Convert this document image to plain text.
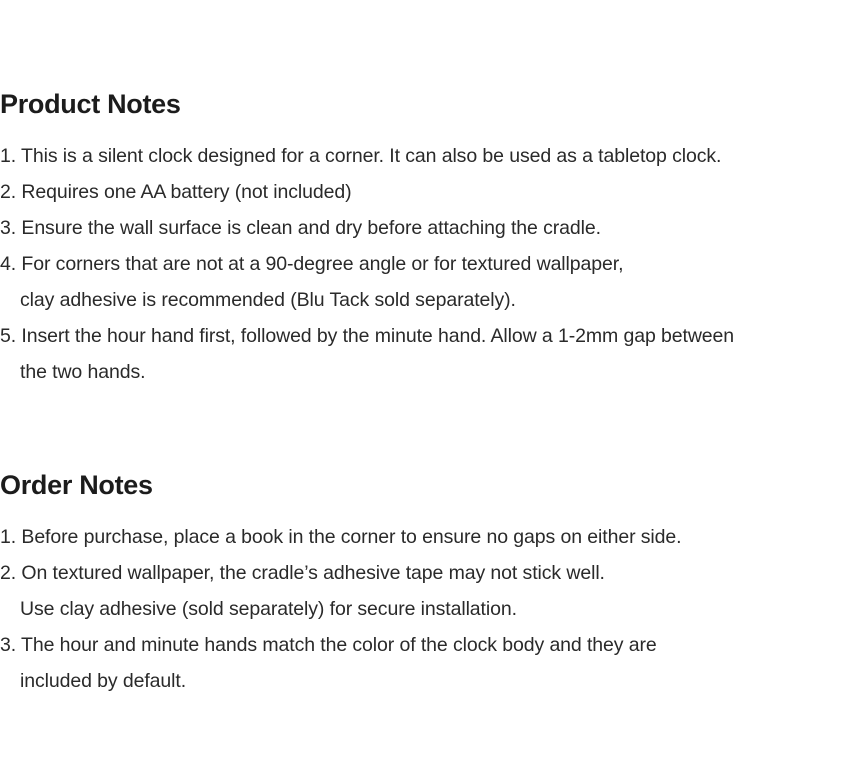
Product Notes
1. This is a silent clock designed for a corner. It can also be used as a tabletop clock.
2. Requires one AA battery (not included)
3. Ensure the wall surface is clean and dry before attaching the cradle.
4. For corners that are not at a 90-degree angle or for textured wallpaper,
clay adhesive is recommended (Blu Tack sold separately).
5. Insert the hour hand first, followed by the minute hand. Allow a 1-2mm gap between
the two hands.
Order Notes
1. Before purchase, place a book in the corner to ensure no gaps on either side.
2. On textured wallpaper, the cradle’s adhesive tape may not stick well.
Use clay adhesive (sold separately) for secure installation.
3. The hour and minute hands match the color of the clock body and they are
included by default.
